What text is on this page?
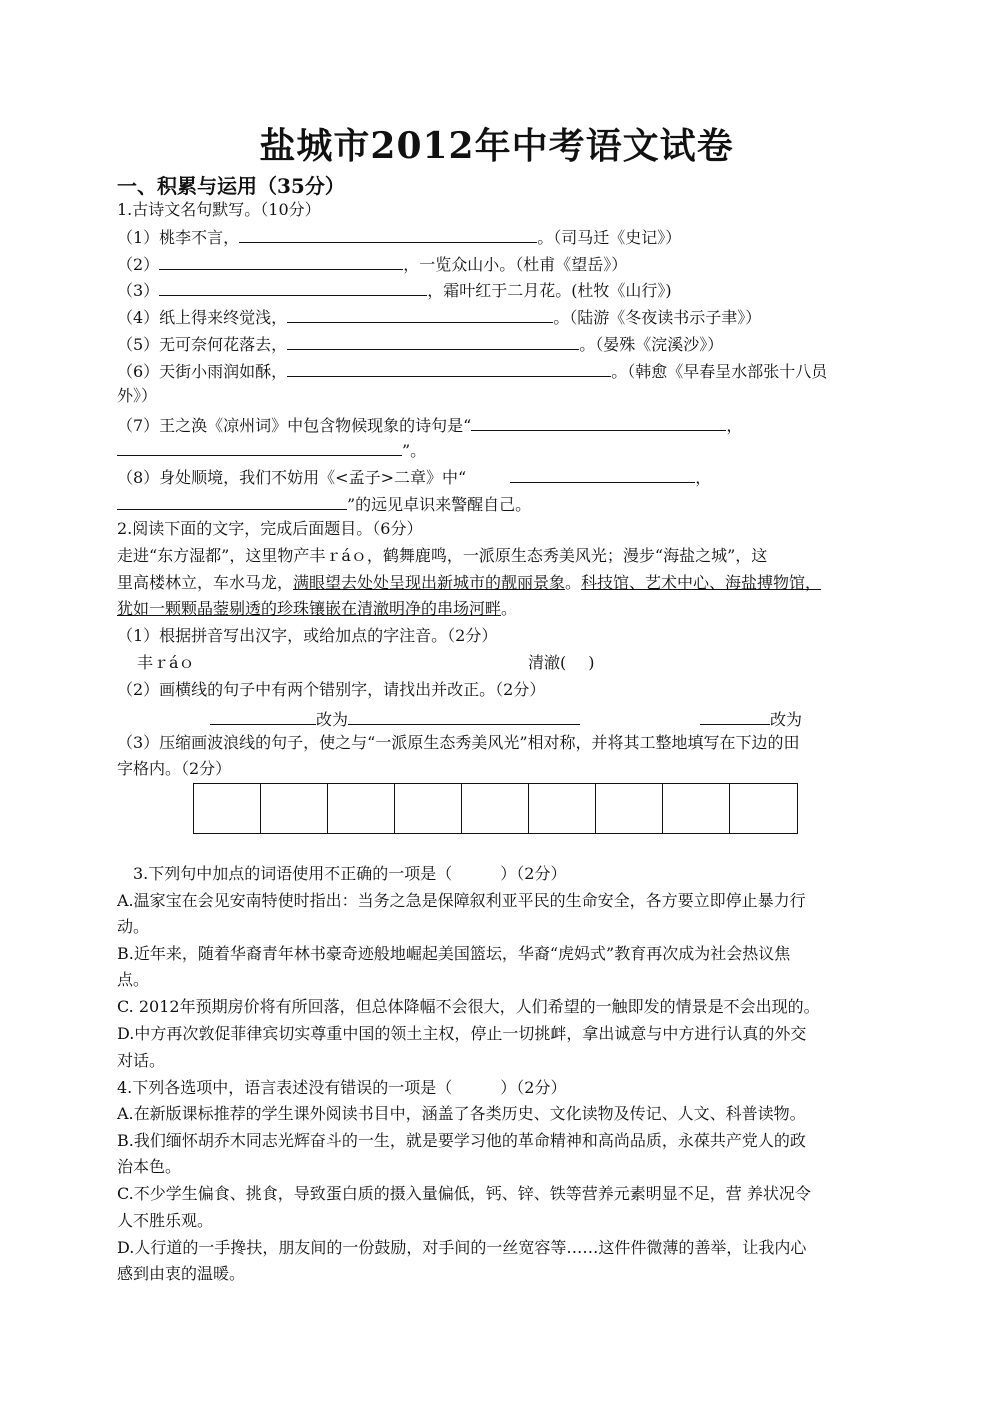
盐城市2012年中考语文试卷
一、积累与运用（35分）
1.古诗文名句默写。（10分）
（1）桃李不言，	。（司马迁《史记》）
（2）	，一览众山小。（杜甫《望岳》）
（3）	，霜叶红于二月花。(杜牧《山行》)
（4）纸上得来终觉浅，	。（陆游《冬夜读书示子聿》）
（5）无可奈何花落去，	。（晏殊《浣溪沙》）
（6）天街小雨润如酥，	。（韩愈《早春呈水部张十八员
外》）
（7）王之涣《凉州词》中包含物候现象的诗句是“	，
”。
（8）身处顺境，我们不妨用《<孟子>二章》中“	，
”的远见卓识来警醒自己。
2.阅读下面的文字，完成后面题目。（6分）
走进“东方湿都”，这里物产丰ｒáｏ，鹤舞鹿鸣，一派原生态秀美风光；漫步“海盐之城”，这
里高楼林立，车水马龙，满眼望去处处呈现出新城市的靓丽景象。科技馆、艺术中心、海盐搏物馆，
犹如一颗颗晶蓥剔透的珍珠镶嵌在清澈明净的串场河畔。
（1）根据拼音写出汉字，或给加点的字注音。（2分）
丰ｒáｏ	清澈( )
（2）画横线的句子中有两个错别字，请找出并改正。（2分）
改为	改为
（3）压缩画波浪线的句子，使之与“一派原生态秀美风光”相对称，并将其工整地填写在下边的田
字格内。（2分）
3.下列句中加点的词语使用不正确的一项是（　　　）（2分）
A.温家宝在会见安南特使时指出：当务之急是保障叙利亚平民的生命安全，各方要立即停止暴力行
动。
B.近年来，随着华裔青年林书豪奇迹般地崛起美国篮坛，华裔“虎妈式”教育再次成为社会热议焦
点。
C. 2012年预期房价将有所回落，但总体降幅不会很大，人们希望的一触即发的情景是不会出现的。
D.中方再次敦促菲律宾切实尊重中国的领土主权，停止一切挑衅，拿出诚意与中方进行认真的外交
对话。
4.下列各选项中，语言表述没有错误的一项是（　　　）（2分）
A.在新版课标推荐的学生课外阅读书目中，涵盖了各类历史、文化读物及传记、人文、科普读物。
B.我们缅怀胡乔木同志光辉奋斗的一生，就是要学习他的革命精神和高尚品质，永葆共产党人的政
治本色。
C.不少学生偏食、挑食，导致蛋白质的摄入量偏低，钙、锌、铁等营养元素明显不足，营 养状况令
人不胜乐观。
D.人行道的一手搀扶，朋友间的一份鼓励，对手间的一丝宽容等……这件件微薄的善举，让我内心
感到由衷的温暖。
